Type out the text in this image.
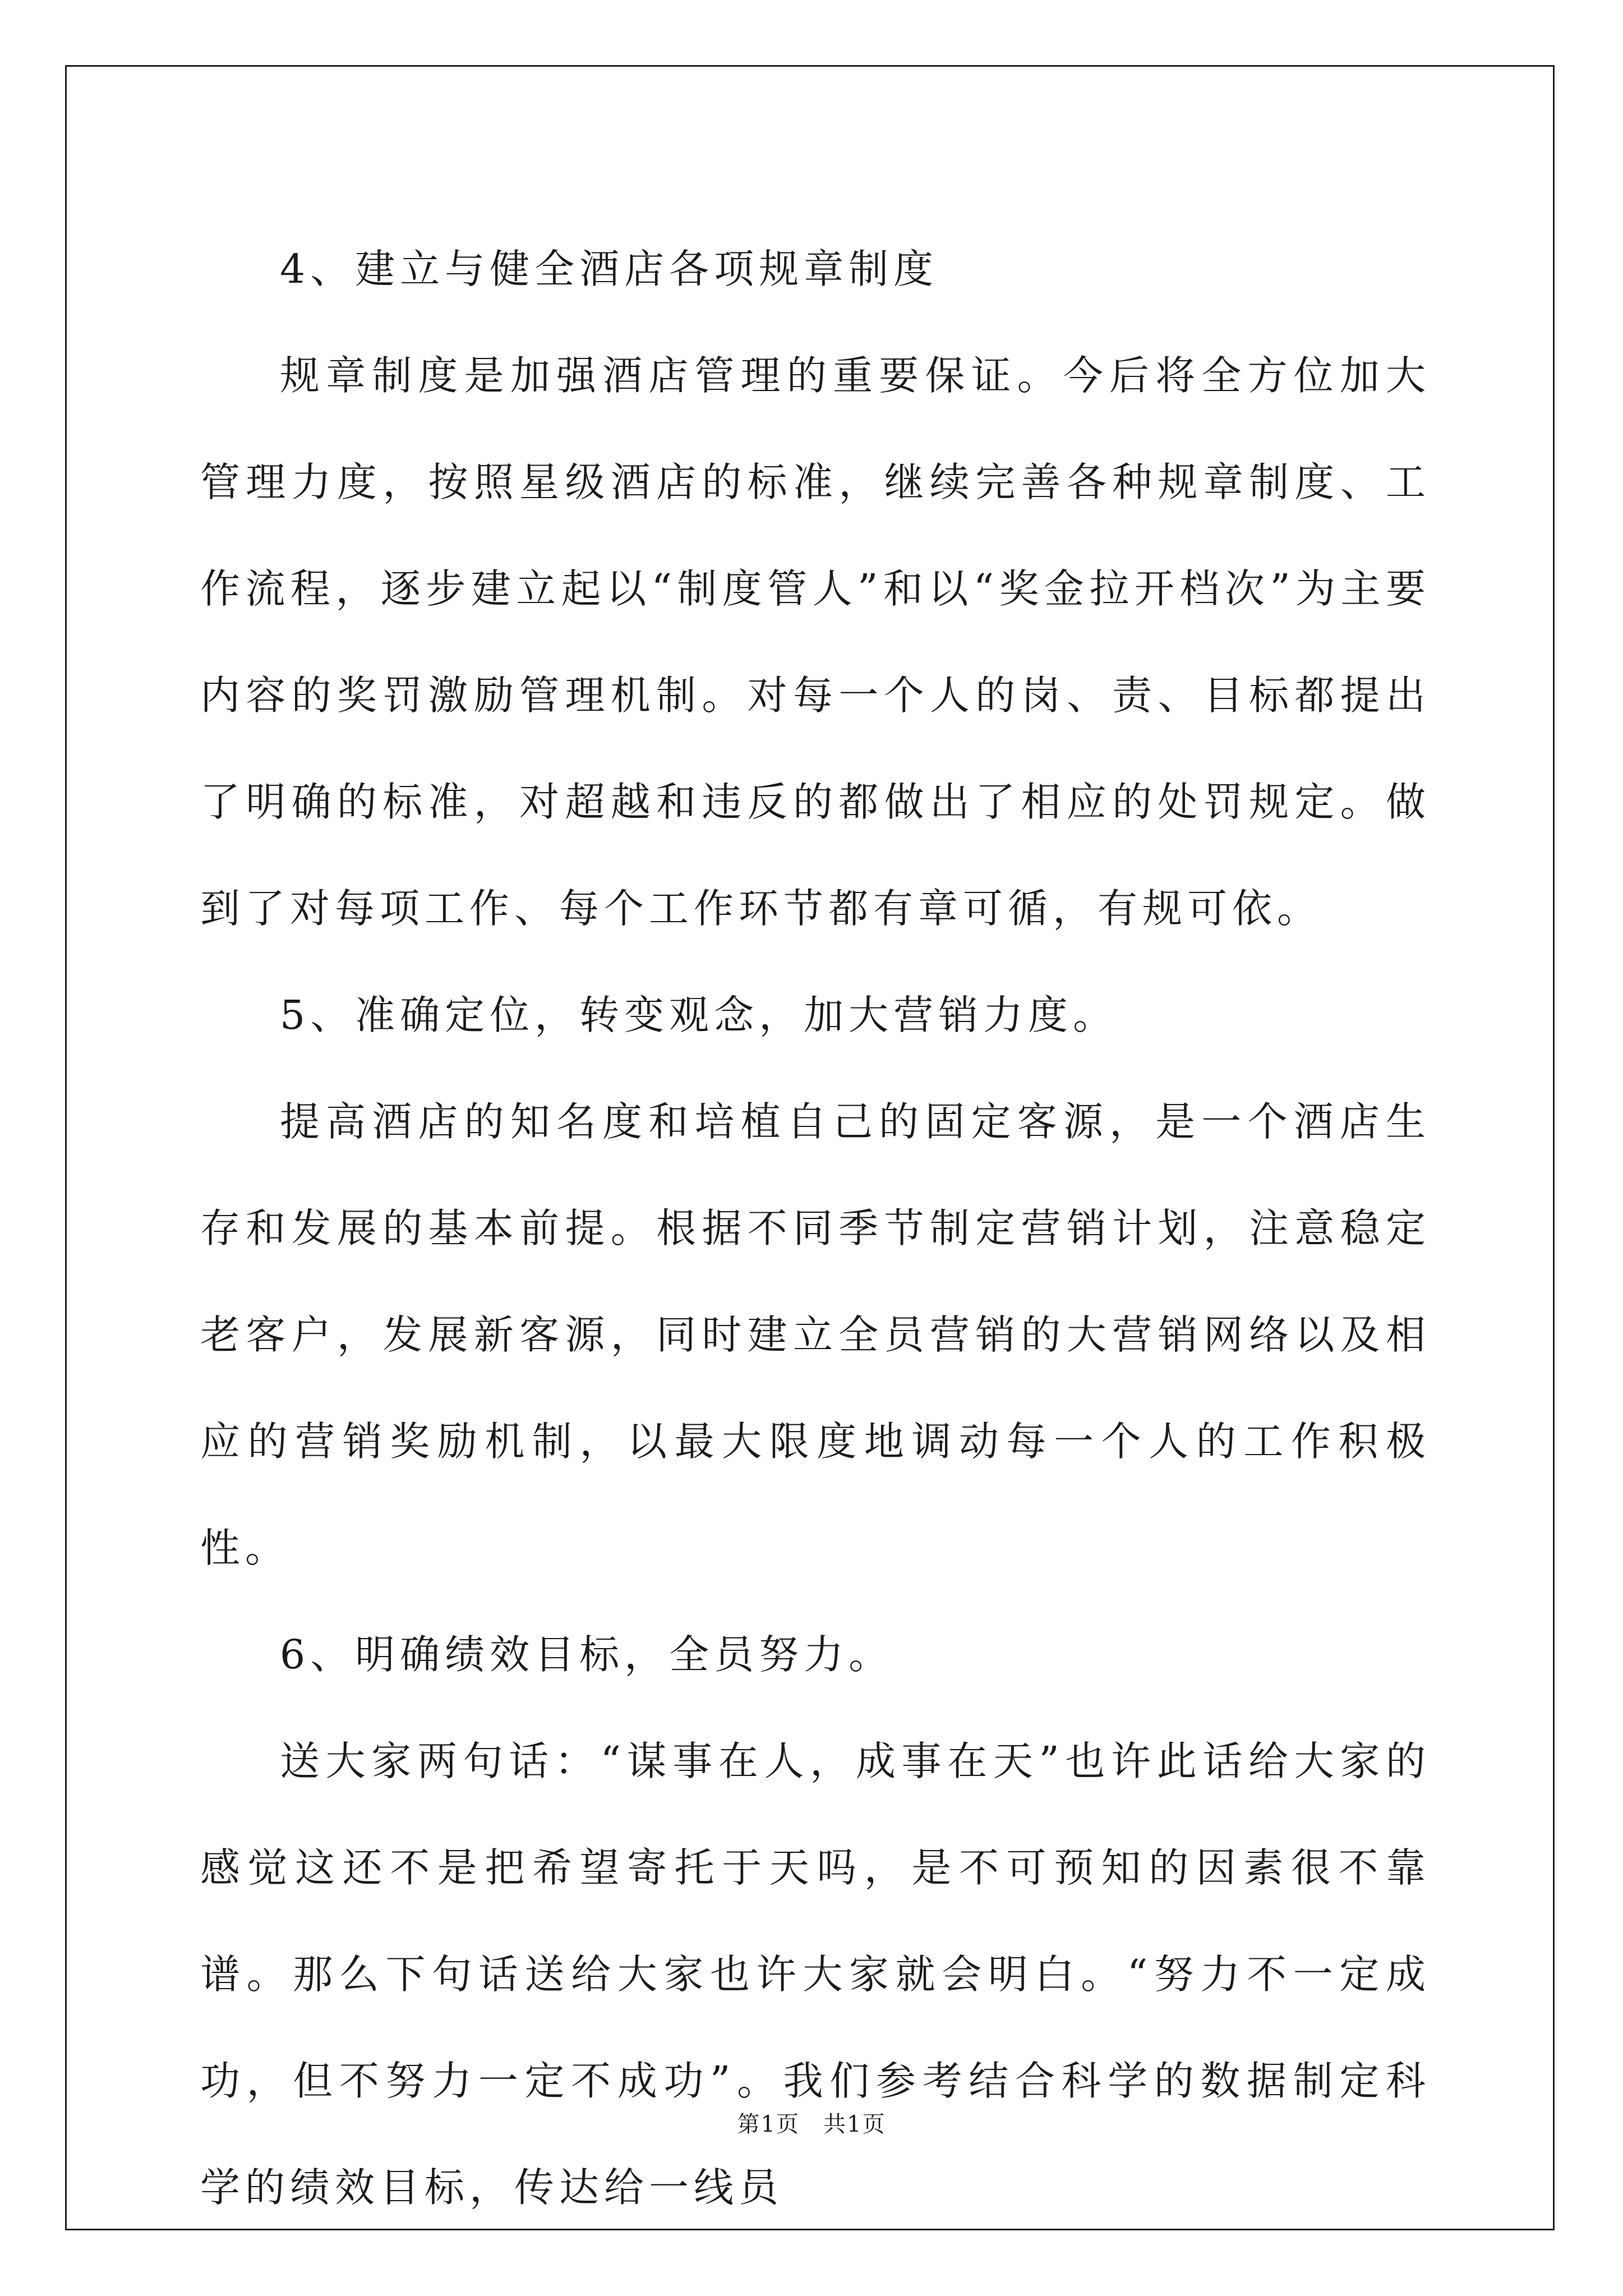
4、建立与健全酒店各项规章制度

规章制度是加强酒店管理的重要保证。今后将全方位加大管理力度，按照星级酒店的标准，继续完善各种规章制度、工作流程，逐步建立起以“制度管人”和以“奖金拉开档次”为主要内容的奖罚激励管理机制。对每一个人的岗、责、目标都提出了明确的标准，对超越和违反的都做出了相应的处罚规定。做到了对每项工作、每个工作环节都有章可循，有规可依。

5、准确定位，转变观念，加大营销力度。

提高酒店的知名度和培植自己的固定客源，是一个酒店生存和发展的基本前提。根据不同季节制定营销计划，注意稳定老客户，发展新客源，同时建立全员营销的大营销网络以及相应的营销奖励机制，以最大限度地调动每一个人的工作积极性。

6、明确绩效目标，全员努力。

送大家两句话：“谋事在人，成事在天”也许此话给大家的感觉这还不是把希望寄托于天吗，是不可预知的因素很不靠谱。那么下句话送给大家也许大家就会明白。“努力不一定成功，但不努力一定不成功”。我们参考结合科学的数据制定科学的绩效目标，传达给一线员

第1页　共1页
